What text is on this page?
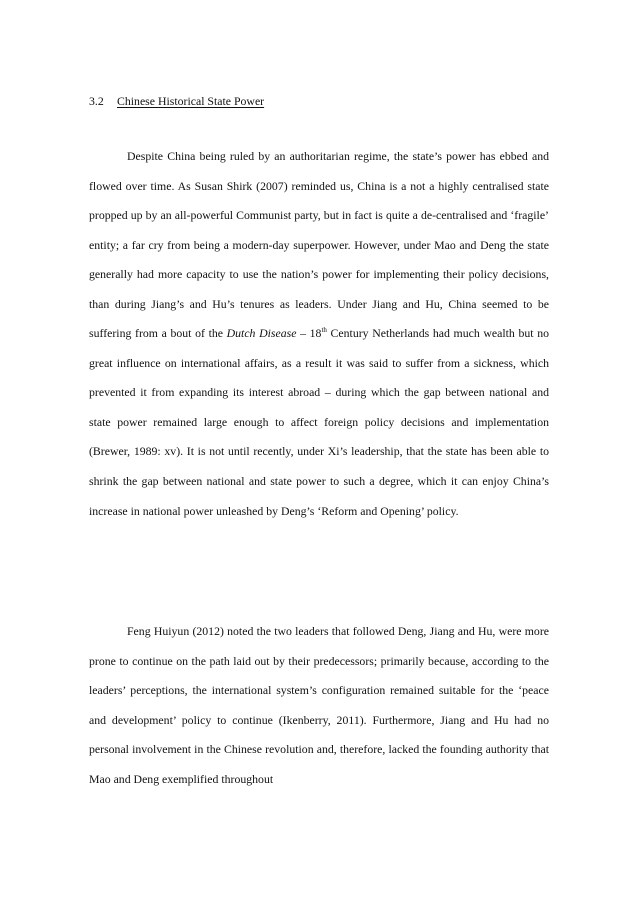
3.2 Chinese Historical State Power

Despite China being ruled by an authoritarian regime, the state’s power has ebbed and flowed over time. As Susan Shirk (2007) reminded us, China is a not a highly centralised state propped up by an all-powerful Communist party, but in fact is quite a de-centralised and ‘fragile’ entity; a far cry from being a modern-day superpower. However, under Mao and Deng the state generally had more capacity to use the nation’s power for implementing their policy decisions, than during Jiang’s and Hu’s tenures as leaders. Under Jiang and Hu, China seemed to be suffering from a bout of the Dutch Disease – 18th Century Netherlands had much wealth but no great influence on international affairs, as a result it was said to suffer from a sickness, which prevented it from expanding its interest abroad – during which the gap between national and state power remained large enough to affect foreign policy decisions and implementation (Brewer, 1989: xv). It is not until recently, under Xi’s leadership, that the state has been able to shrink the gap between national and state power to such a degree, which it can enjoy China’s increase in national power unleashed by Deng’s ‘Reform and Opening’ policy.

Feng Huiyun (2012) noted the two leaders that followed Deng, Jiang and Hu, were more prone to continue on the path laid out by their predecessors; primarily because, according to the leaders’ perceptions, the international system’s configuration remained suitable for the ‘peace and development’ policy to continue (Ikenberry, 2011). Furthermore, Jiang and Hu had no personal involvement in the Chinese revolution and, therefore, lacked the founding authority that Mao and Deng exemplified throughout
